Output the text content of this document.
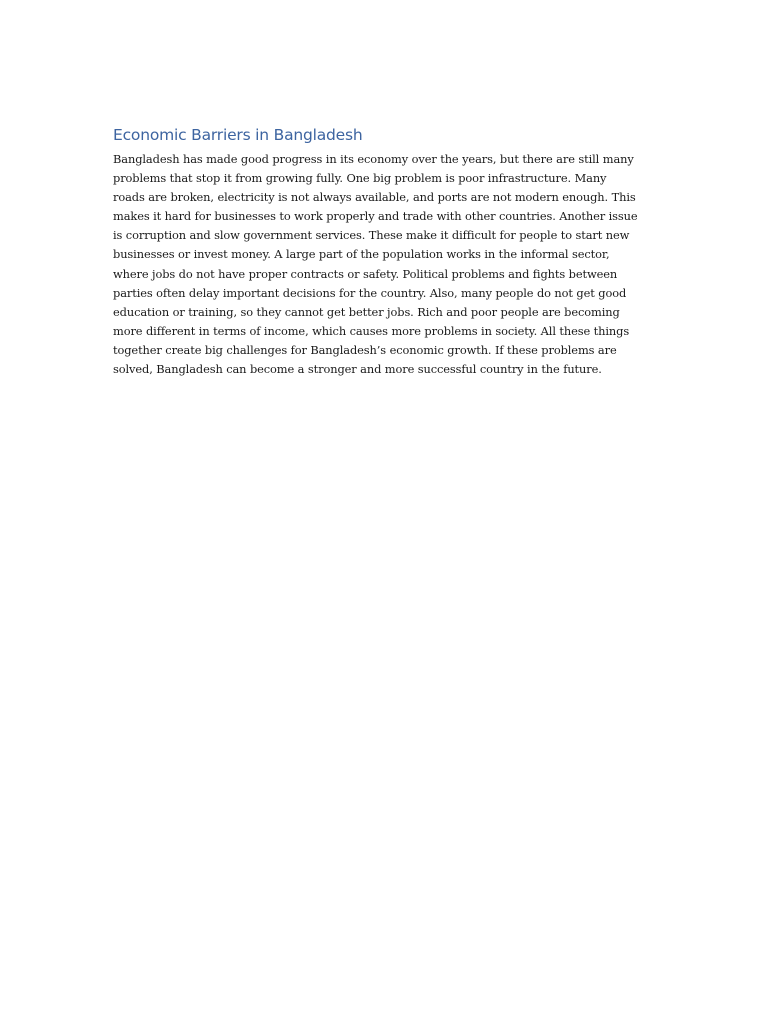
Economic Barriers in Bangladesh
Bangladesh has made good progress in its economy over the years, but there are still many
problems that stop it from growing fully. One big problem is poor infrastructure. Many
roads are broken, electricity is not always available, and ports are not modern enough. This
makes it hard for businesses to work properly and trade with other countries. Another issue
is corruption and slow government services. These make it difficult for people to start new
businesses or invest money. A large part of the population works in the informal sector,
where jobs do not have proper contracts or safety. Political problems and fights between
parties often delay important decisions for the country. Also, many people do not get good
education or training, so they cannot get better jobs. Rich and poor people are becoming
more different in terms of income, which causes more problems in society. All these things
together create big challenges for Bangladesh’s economic growth. If these problems are
solved, Bangladesh can become a stronger and more successful country in the future.
